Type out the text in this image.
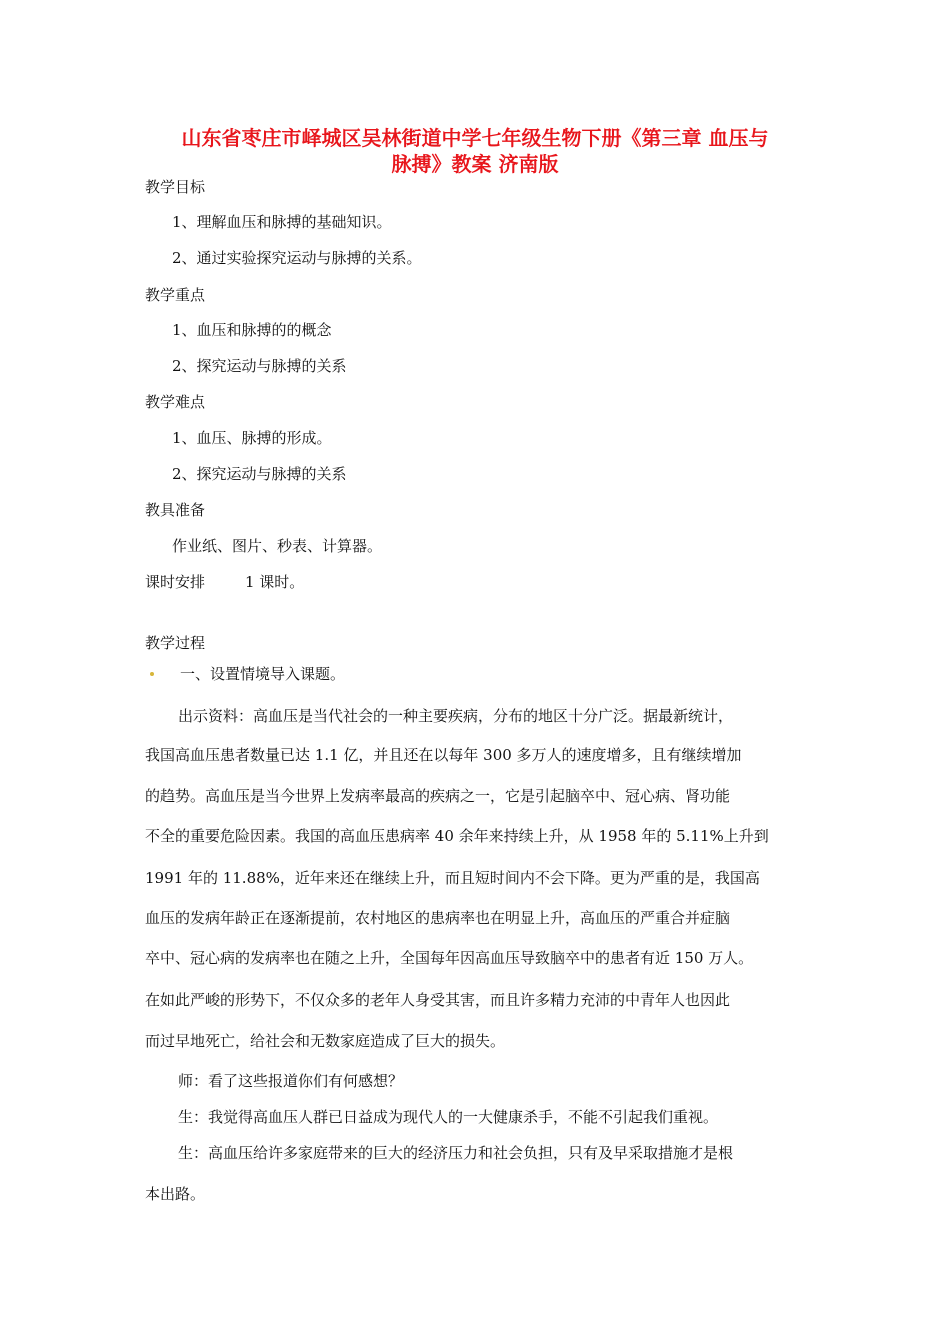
山东省枣庄市峄城区吴林街道中学七年级生物下册《第三章 血压与
脉搏》教案 济南版
教学目标
1、理解血压和脉搏的基础知识。
2、通过实验探究运动与脉搏的关系。
教学重点
1、血压和脉搏的的概念
2、探究运动与脉搏的关系
教学难点
1、血压、脉搏的形成。
2、探究运动与脉搏的关系
教具准备
作业纸、图片、秒表、计算器。
课时安排	1 课时。
教学过程
一、设置情境导入课题。
出示资料：高血压是当代社会的一种主要疾病，分布的地区十分广泛。据最新统计，
我国高血压患者数量已达 1.1 亿，并且还在以每年 300 多万人的速度增多，且有继续增加
的趋势。高血压是当今世界上发病率最高的疾病之一，它是引起脑卒中、冠心病、肾功能
不全的重要危险因素。我国的高血压患病率 40 余年来持续上升，从 1958 年的 5.11%上升到
1991 年的 11.88%，近年来还在继续上升，而且短时间内不会下降。更为严重的是，我国高
血压的发病年龄正在逐渐提前，农村地区的患病率也在明显上升，高血压的严重合并症脑
卒中、冠心病的发病率也在随之上升，全国每年因高血压导致脑卒中的患者有近 150 万人。
在如此严峻的形势下，不仅众多的老年人身受其害，而且许多精力充沛的中青年人也因此
而过早地死亡，给社会和无数家庭造成了巨大的损失。
师：看了这些报道你们有何感想？
生：我觉得高血压人群已日益成为现代人的一大健康杀手，不能不引起我们重视。
生：高血压给许多家庭带来的巨大的经济压力和社会负担，只有及早采取措施才是根
本出路。
